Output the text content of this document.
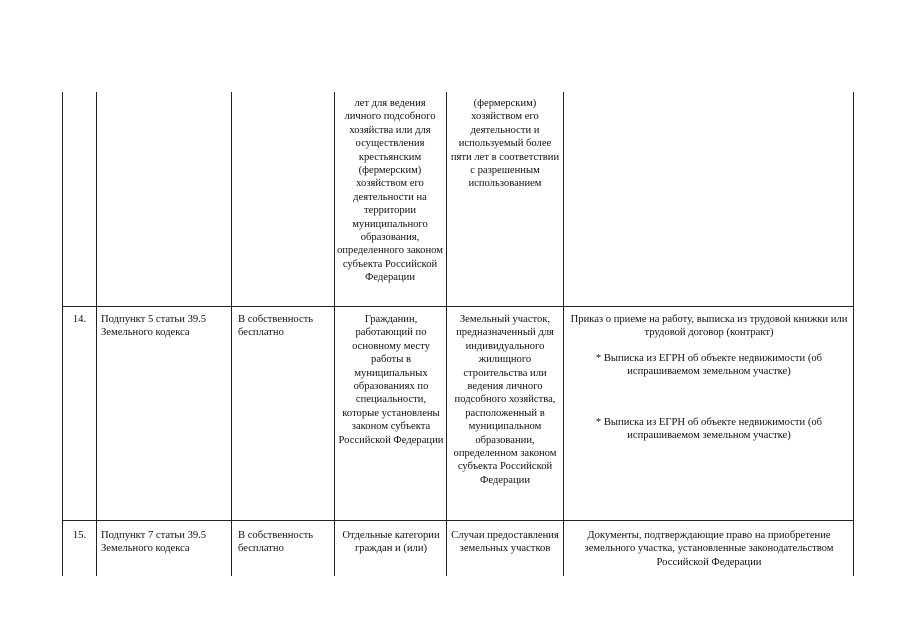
лет для ведения личного подсобного хозяйства или для осуществления крестьянским (фермерским) хозяйством его деятельности на территории муниципального образования, определенного законом субъекта Российской Федерации

(фермерским) хозяйством его деятельности и используемый более пяти лет в соответствии с разрешенным использованием

14.	Подпункт 5 статьи 39.5 Земельного кодекса

В собственность бесплатно

Гражданин, работающий по основному месту работы в муниципальных образованиях по специальности, которые установлены законом субъекта Российской Федерации

Земельный участок, предназначенный для индивидуального жилищного строительства или ведения личного подсобного хозяйства, расположенный в муниципальном образовании, определенном законом субъекта Российской Федерации

Приказ о приеме на работу, выписка из трудовой книжки или трудовой договор (контракт)

* Выписка из ЕГРН об объекте недвижимости (об испрашиваемом земельном участке)

* Выписка из ЕГРН об объекте недвижимости (об испрашиваемом земельном участке)

15.	Подпункт 7 статьи 39.5 Земельного кодекса

В собственность бесплатно

Отдельные категории граждан и (или)

Случаи предоставления земельных участков

Документы, подтверждающие право на приобретение земельного участка, установленные законодательством Российской Федерации
